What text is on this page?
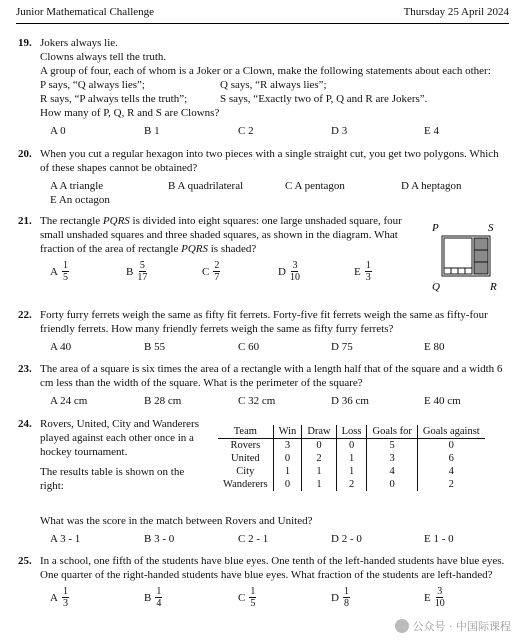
Junior Mathematical Challenge	Thursday 25 April 2024
19. Jokers always lie.
Clowns always tell the truth.
A group of four, each of whom is a Joker or a Clown, make the following statements about each other:
P says, “Q always lies”;	Q says, “R always lies”;
R says, “P always tells the truth”;	S says, “Exactly two of P, Q and R are Jokers”.
How many of P, Q, R and S are Clowns?
A 0	B 1	C 2	D 3	E 4
20. When you cut a regular hexagon into two pieces with a single straight cut, you get two polygons. Which of these shapes cannot be obtained?
A A triangle	B A quadrilateral	C A pentagon	D A heptagon
E An octagon
21. The rectangle PQRS is divided into eight squares: one large unshaded square, four small unshaded squares and three shaded squares, as shown in the diagram. What fraction of the area of rectangle PQRS is shaded?
A $\frac{1}{5}$	B $\frac{5}{17}$	C $\frac{2}{7}$	D $\frac{3}{10}$	E $\frac{1}{3}$
P	S
Q	R
22. Forty furry ferrets weigh the same as fifty fit ferrets. Forty-five fit ferrets weigh the same as fifty-four friendly ferrets. How many friendly ferrets weigh the same as fifty furry ferrets?
A 40	B 55	C 60	D 75	E 80
23. The area of a square is six times the area of a rectangle with a length half that of the square and a width 6 cm less than the width of the square. What is the perimeter of the square?
A 24 cm	B 28 cm	C 32 cm	D 36 cm	E 40 cm
24. Rovers, United, City and Wanderers played against each other once in a hockey tournament.
The results table is shown on the right:
Team	Win	Draw	Loss	Goals for	Goals against
Rovers	3	0	0	5	0
United	0	2	1	3	6
City	1	1	1	4	4
Wanderers	0	1	2	0	2
What was the score in the match between Rovers and United?
A 3 - 1	B 3 - 0	C 2 - 1	D 2 - 0	E 1 - 0
25. In a school, one fifth of the students have blue eyes. One tenth of the left-handed students have blue eyes. One quarter of the right-handed students have blue eyes. What fraction of the students are left-handed?
A $\frac{1}{3}$	B $\frac{1}{4}$	C $\frac{1}{5}$	D $\frac{1}{8}$	E $\frac{3}{10}$
公众号 · 中国际课程
